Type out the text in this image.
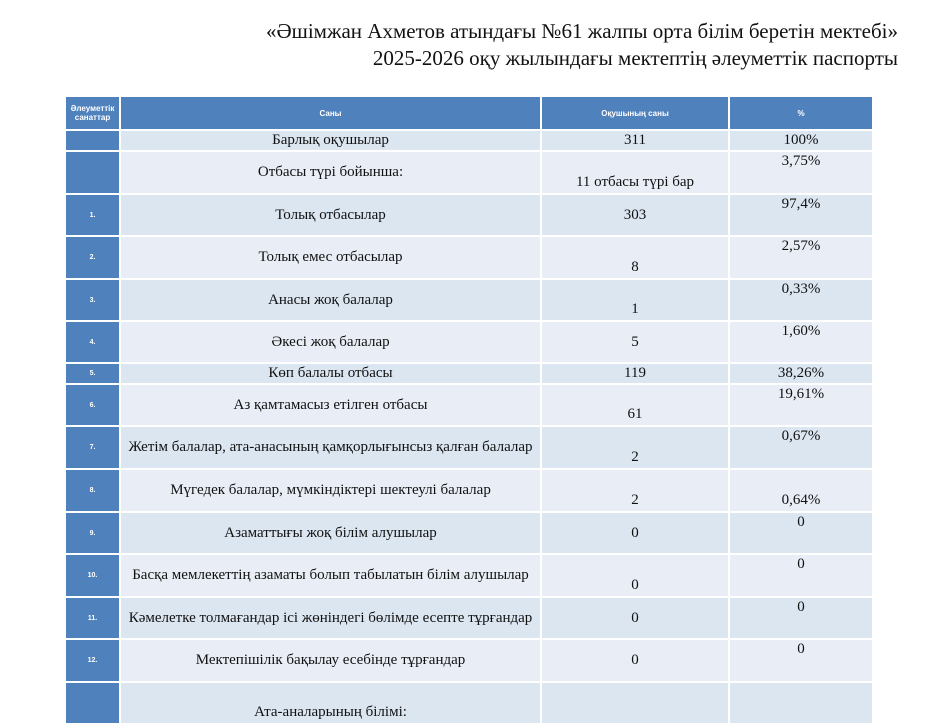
«Әшімжан Ахметов атындағы №61 жалпы орта білім беретін мектебі»
2025-2026 оқу жылындағы мектептің әлеуметтік паспорты
Әлеуметтік санаттар	Саны	Оқушының саны	%
	Барлық оқушылар	311	100%
	Отбасы түрі бойынша:	11 отбасы түрі бар	3,75%
1.	Толық отбасылар	303	97,4%
2.	Толық емес отбасылар	8	2,57%
3.	Анасы жоқ балалар	1	0,33%
4.	Әкесі жоқ балалар	5	1,60%
5.	Көп балалы отбасы	119	38,26%
6.	Аз қамтамасыз етілген отбасы	61	19,61%
7.	Жетім балалар, ата-анасының қамқорлығынсыз қалған балалар	2	0,67%
8.	Мүгедек балалар, мүмкіндіктері шектеулі балалар	2	0,64%
9.	Азаматтығы жоқ білім алушылар	0	0
10.	Басқа мемлекеттің азаматы болып табылатын білім алушылар	0	0
11.	Кәмелетке толмағандар ісі жөніндегі бөлімде есепте тұрғандар	0	0
12.	Мектепішілік бақылау есебінде тұрғандар	0	0
	Ата-аналарының білімі:		
